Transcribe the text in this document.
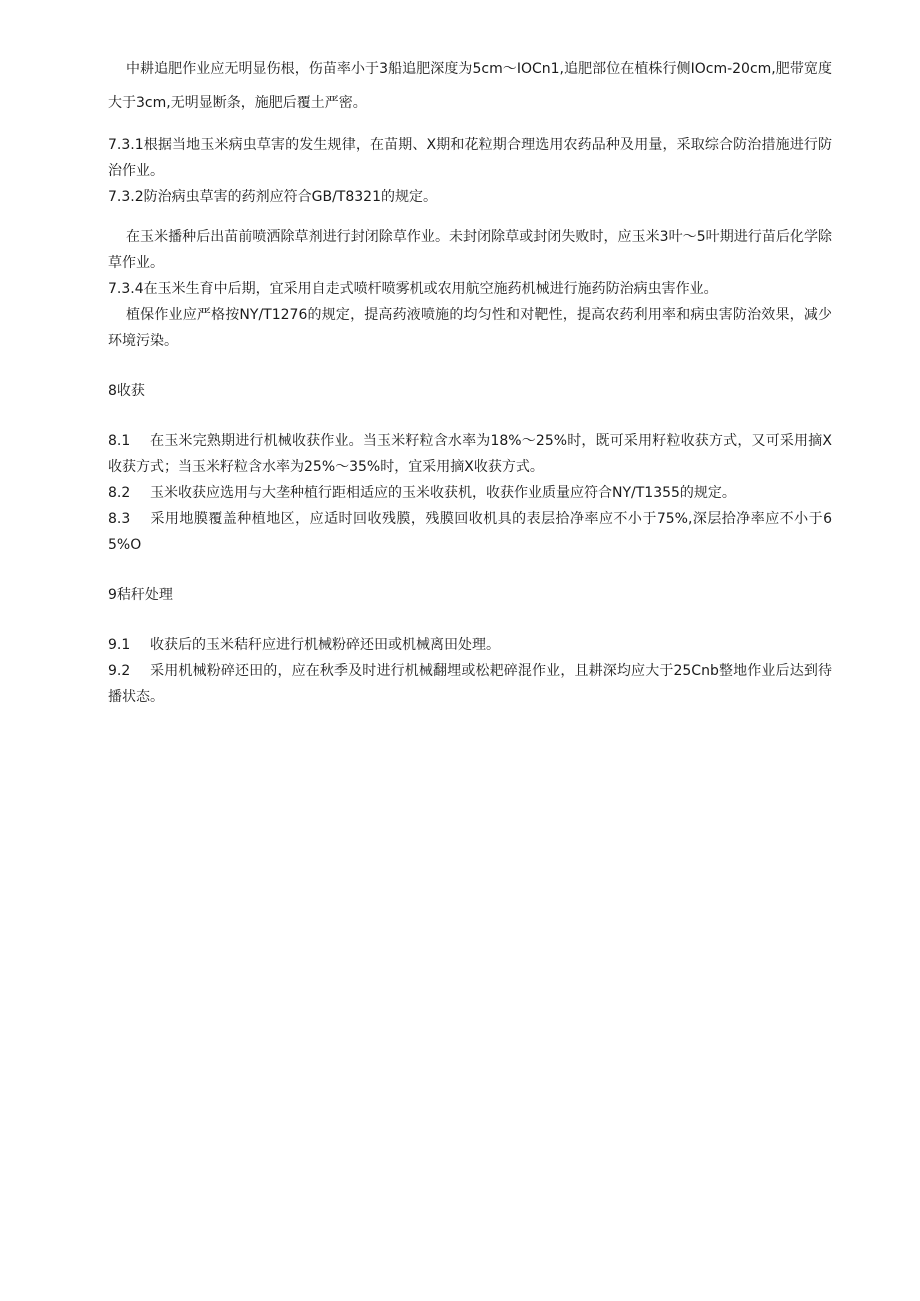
中耕追肥作业应无明显伤根，伤苗率小于3船追肥深度为5cm～IOCn1,追肥部位在植株行侧IOcm-20cm,肥带宽度大于3cm,无明显断条，施肥后覆土严密。

7.3.1根据当地玉米病虫草害的发生规律，在苗期、X期和花粒期合理选用农药品种及用量，采取综合防治措施进行防治作业。

7.3.2防治病虫草害的药剂应符合GB/T8321的规定。

在玉米播种后出苗前喷洒除草剂进行封闭除草作业。未封闭除草或封闭失败时，应玉米3叶～5叶期进行苗后化学除草作业。

7.3.4在玉米生育中后期，宜采用自走式喷杆喷雾机或农用航空施药机械进行施药防治病虫害作业。

植保作业应严格按NY/T1276的规定，提高药液喷施的均匀性和对靶性，提高农药利用率和病虫害防治效果，减少环境污染。

8收获

8.1 在玉米完熟期进行机械收获作业。当玉米籽粒含水率为18%～25%时，既可采用籽粒收获方式，又可采用摘X收获方式；当玉米籽粒含水率为25%～35%时，宜采用摘X收获方式。

8.2 玉米收获应选用与大垄种植行距相适应的玉米收获机，收获作业质量应符合NY/T1355的规定。

8.3 采用地膜覆盖种植地区，应适时回收残膜，残膜回收机具的表层拾净率应不小于75%,深层拾净率应不小于65%O

9秸秆处理

9.1 收获后的玉米秸秆应进行机械粉碎还田或机械离田处理。

9.2 采用机械粉碎还田的，应在秋季及时进行机械翻埋或松耙碎混作业，且耕深均应大于25Cnb整地作业后达到待播状态。
